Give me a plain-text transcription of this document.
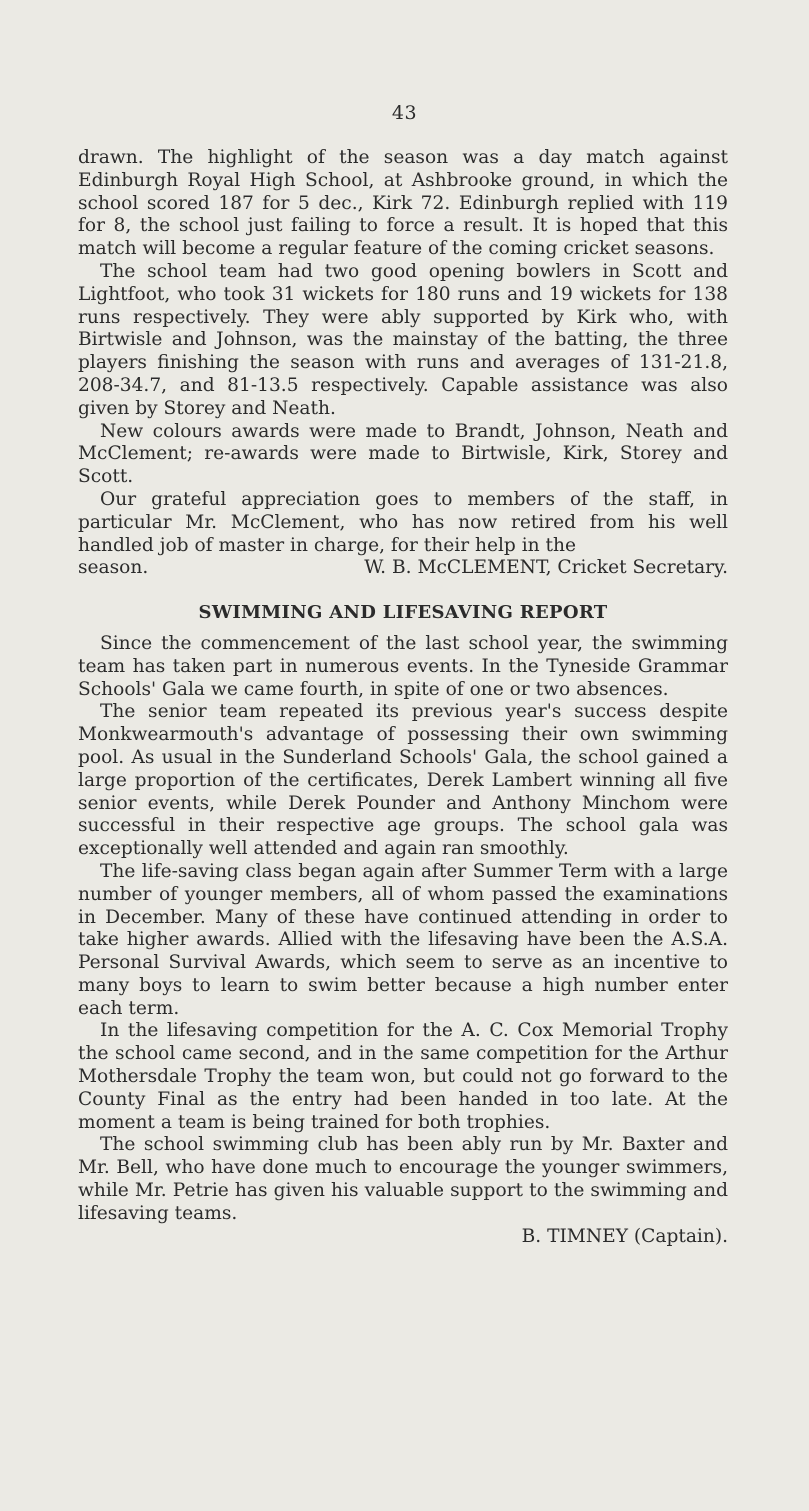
43

drawn. The highlight of the season was a day match against Edinburgh Royal High School, at Ashbrooke ground, in which the school scored 187 for 5 dec., Kirk 72. Edinburgh replied with 119 for 8, the school just failing to force a result. It is hoped that this match will become a regular feature of the coming cricket seasons.

The school team had two good opening bowlers in Scott and Lightfoot, who took 31 wickets for 180 runs and 19 wickets for 138 runs respectively. They were ably supported by Kirk who, with Birtwisle and Johnson, was the mainstay of the batting, the three players finishing the season with runs and averages of 131-21.8, 208-34.7, and 81-13.5 respectively. Capable assistance was also given by Storey and Neath.

New colours awards were made to Brandt, Johnson, Neath and McClement; re-awards were made to Birtwisle, Kirk, Storey and Scott.

Our grateful appreciation goes to members of the staff, in particular Mr. McClement, who has now retired from his well handled job of master in charge, for their help in the

season.	W. B. McCLEMENT, Cricket Secretary.

SWIMMING AND LIFESAVING REPORT

Since the commencement of the last school year, the swimming team has taken part in numerous events. In the Tyneside Grammar Schools' Gala we came fourth, in spite of one or two absences.

The senior team repeated its previous year's success despite Monkwearmouth's advantage of possessing their own swimming pool. As usual in the Sunderland Schools' Gala, the school gained a large proportion of the certificates, Derek Lambert winning all five senior events, while Derek Pounder and Anthony Minchom were successful in their respective age groups. The school gala was exceptionally well attended and again ran smoothly.

The life-saving class began again after Summer Term with a large number of younger members, all of whom passed the examinations in December. Many of these have continued attending in order to take higher awards. Allied with the lifesaving have been the A.S.A. Personal Survival Awards, which seem to serve as an incentive to many boys to learn to swim better because a high number enter each term.

In the lifesaving competition for the A. C. Cox Memorial Trophy the school came second, and in the same competition for the Arthur Mothersdale Trophy the team won, but could not go forward to the County Final as the entry had been handed in too late. At the moment a team is being trained for both trophies.

The school swimming club has been ably run by Mr. Baxter and Mr. Bell, who have done much to encourage the younger swimmers, while Mr. Petrie has given his valuable support to the swimming and lifesaving teams.

B. TIMNEY (Captain).
